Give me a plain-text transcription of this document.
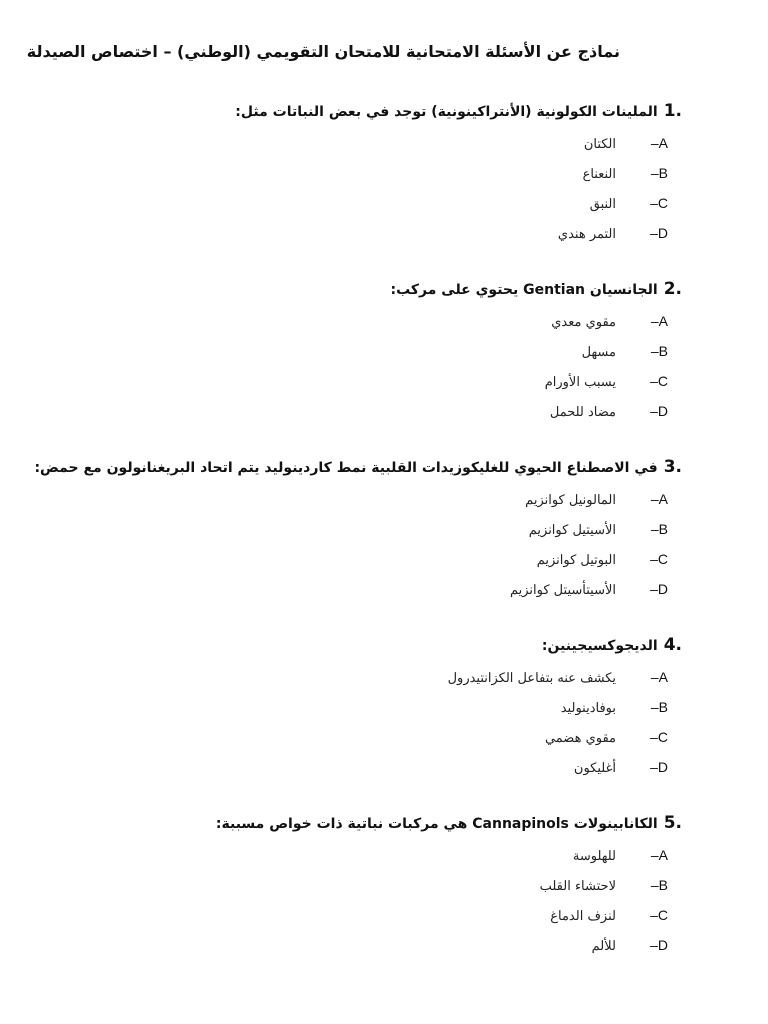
نماذج عن الأسئلة الامتحانية للامتحان التقويمي (الوطني) – اختصاص الصيدلة
1.
الملينات الكولونية (الأنتراكينونية) توجد في بعض النباتات مثل:
A–
الكتان
B–
النعناع
C–
النبق
D–
التمر هندي
2.
الجانسيان Gentian يحتوي على مركب:
A–
مقوي معدي
B–
مسهل
C–
يسبب الأورام
D–
مضاد للحمل
3.
في الاصطناع الحيوي للغليكوزيدات القلبية نمط كاردينوليد يتم اتحاد البريغنانولون مع حمض:
A–
المالونيل كوانزيم
B–
الأسيتيل كوانزيم
C–
البوتيل كوانزيم
D–
الأسيتأسيتل كوانزيم
4.
الديجوكسيجينين:
A–
يكشف عنه بتفاعل الكزانتيدرول
B–
بوفادينوليد
C–
مقوي هضمي
D–
أغليكون
5.
الكانابينولات Cannapinols هي مركبات نباتية ذات خواص مسببة:
A–
للهلوسة
B–
لاحتشاء القلب
C–
لنزف الدماغ
D–
للألم
